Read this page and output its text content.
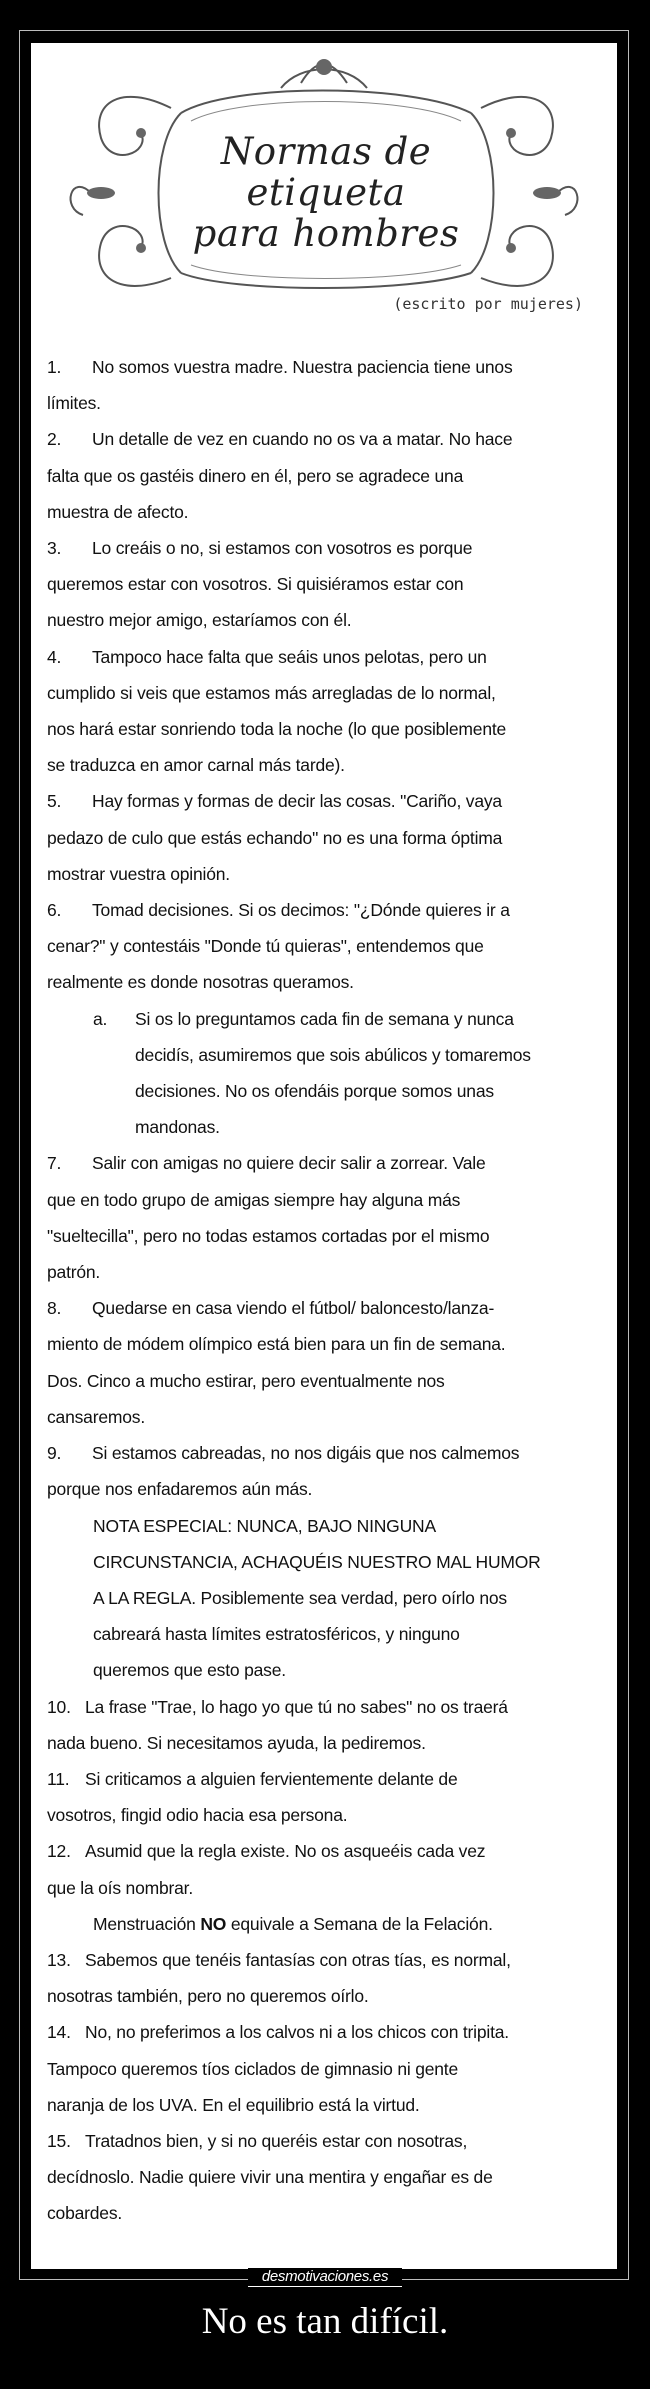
Normas de etiqueta
para hombres
(escrito por mujeres)

1. No somos vuestra madre. Nuestra paciencia tiene unos

límites.

2. Un detalle de vez en cuando no os va a matar. No hace

falta que os gastéis dinero en él, pero se agradece una

muestra de afecto.

3. Lo creáis o no, si estamos con vosotros es porque

queremos estar con vosotros. Si quisiéramos estar con

nuestro mejor amigo, estaríamos con él.

4. Tampoco hace falta que seáis unos pelotas, pero un

cumplido si veis que estamos más arregladas de lo normal,

nos hará estar sonriendo toda la noche (lo que posiblemente

se traduzca en amor carnal más tarde).

5. Hay formas y formas de decir las cosas. "Cariño, vaya

pedazo de culo que estás echando" no es una forma óptima

mostrar vuestra opinión.

6. Tomad decisiones. Si os decimos: "¿Dónde quieres ir a

cenar?" y contestáis "Donde tú quieras", entendemos que

realmente es donde nosotras queramos.

a. Si os lo preguntamos cada fin de semana y nunca

decidís, asumiremos que sois abúlicos y tomaremos

decisiones. No os ofendáis porque somos unas

mandonas.

7. Salir con amigas no quiere decir salir a zorrear. Vale

que en todo grupo de amigas siempre hay alguna más

"sueltecilla", pero no todas estamos cortadas por el mismo

patrón.

8. Quedarse en casa viendo el fútbol/ baloncesto/lanza-

miento de módem olímpico está bien para un fin de semana.

Dos. Cinco a mucho estirar, pero eventualmente nos

cansaremos.

9. Si estamos cabreadas, no nos digáis que nos calmemos

porque nos enfadaremos aún más.

NOTA ESPECIAL: NUNCA, BAJO NINGUNA

CIRCUNSTANCIA, ACHAQUÉIS NUESTRO MAL HUMOR

A LA REGLA. Posiblemente sea verdad, pero oírlo nos

cabreará hasta límites estratosféricos, y ninguno

queremos que esto pase.

10. La frase "Trae, lo hago yo que tú no sabes" no os traerá

nada bueno. Si necesitamos ayuda, la pediremos.

11. Si criticamos a alguien fervientemente delante de

vosotros, fingid odio hacia esa persona.

12. Asumid que la regla existe. No os asqueéis cada vez

que la oís nombrar.

Menstruación NO equivale a Semana de la Felación.

13. Sabemos que tenéis fantasías con otras tías, es normal,

nosotras también, pero no queremos oírlo.

14. No, no preferimos a los calvos ni a los chicos con tripita.

Tampoco queremos tíos ciclados de gimnasio ni gente

naranja de los UVA. En el equilibrio está la virtud.

15. Tratadnos bien, y si no queréis estar con nosotras,

decídnoslo. Nadie quiere vivir una mentira y engañar es de

cobardes.

desmotivaciones.es
No es tan difícil.
